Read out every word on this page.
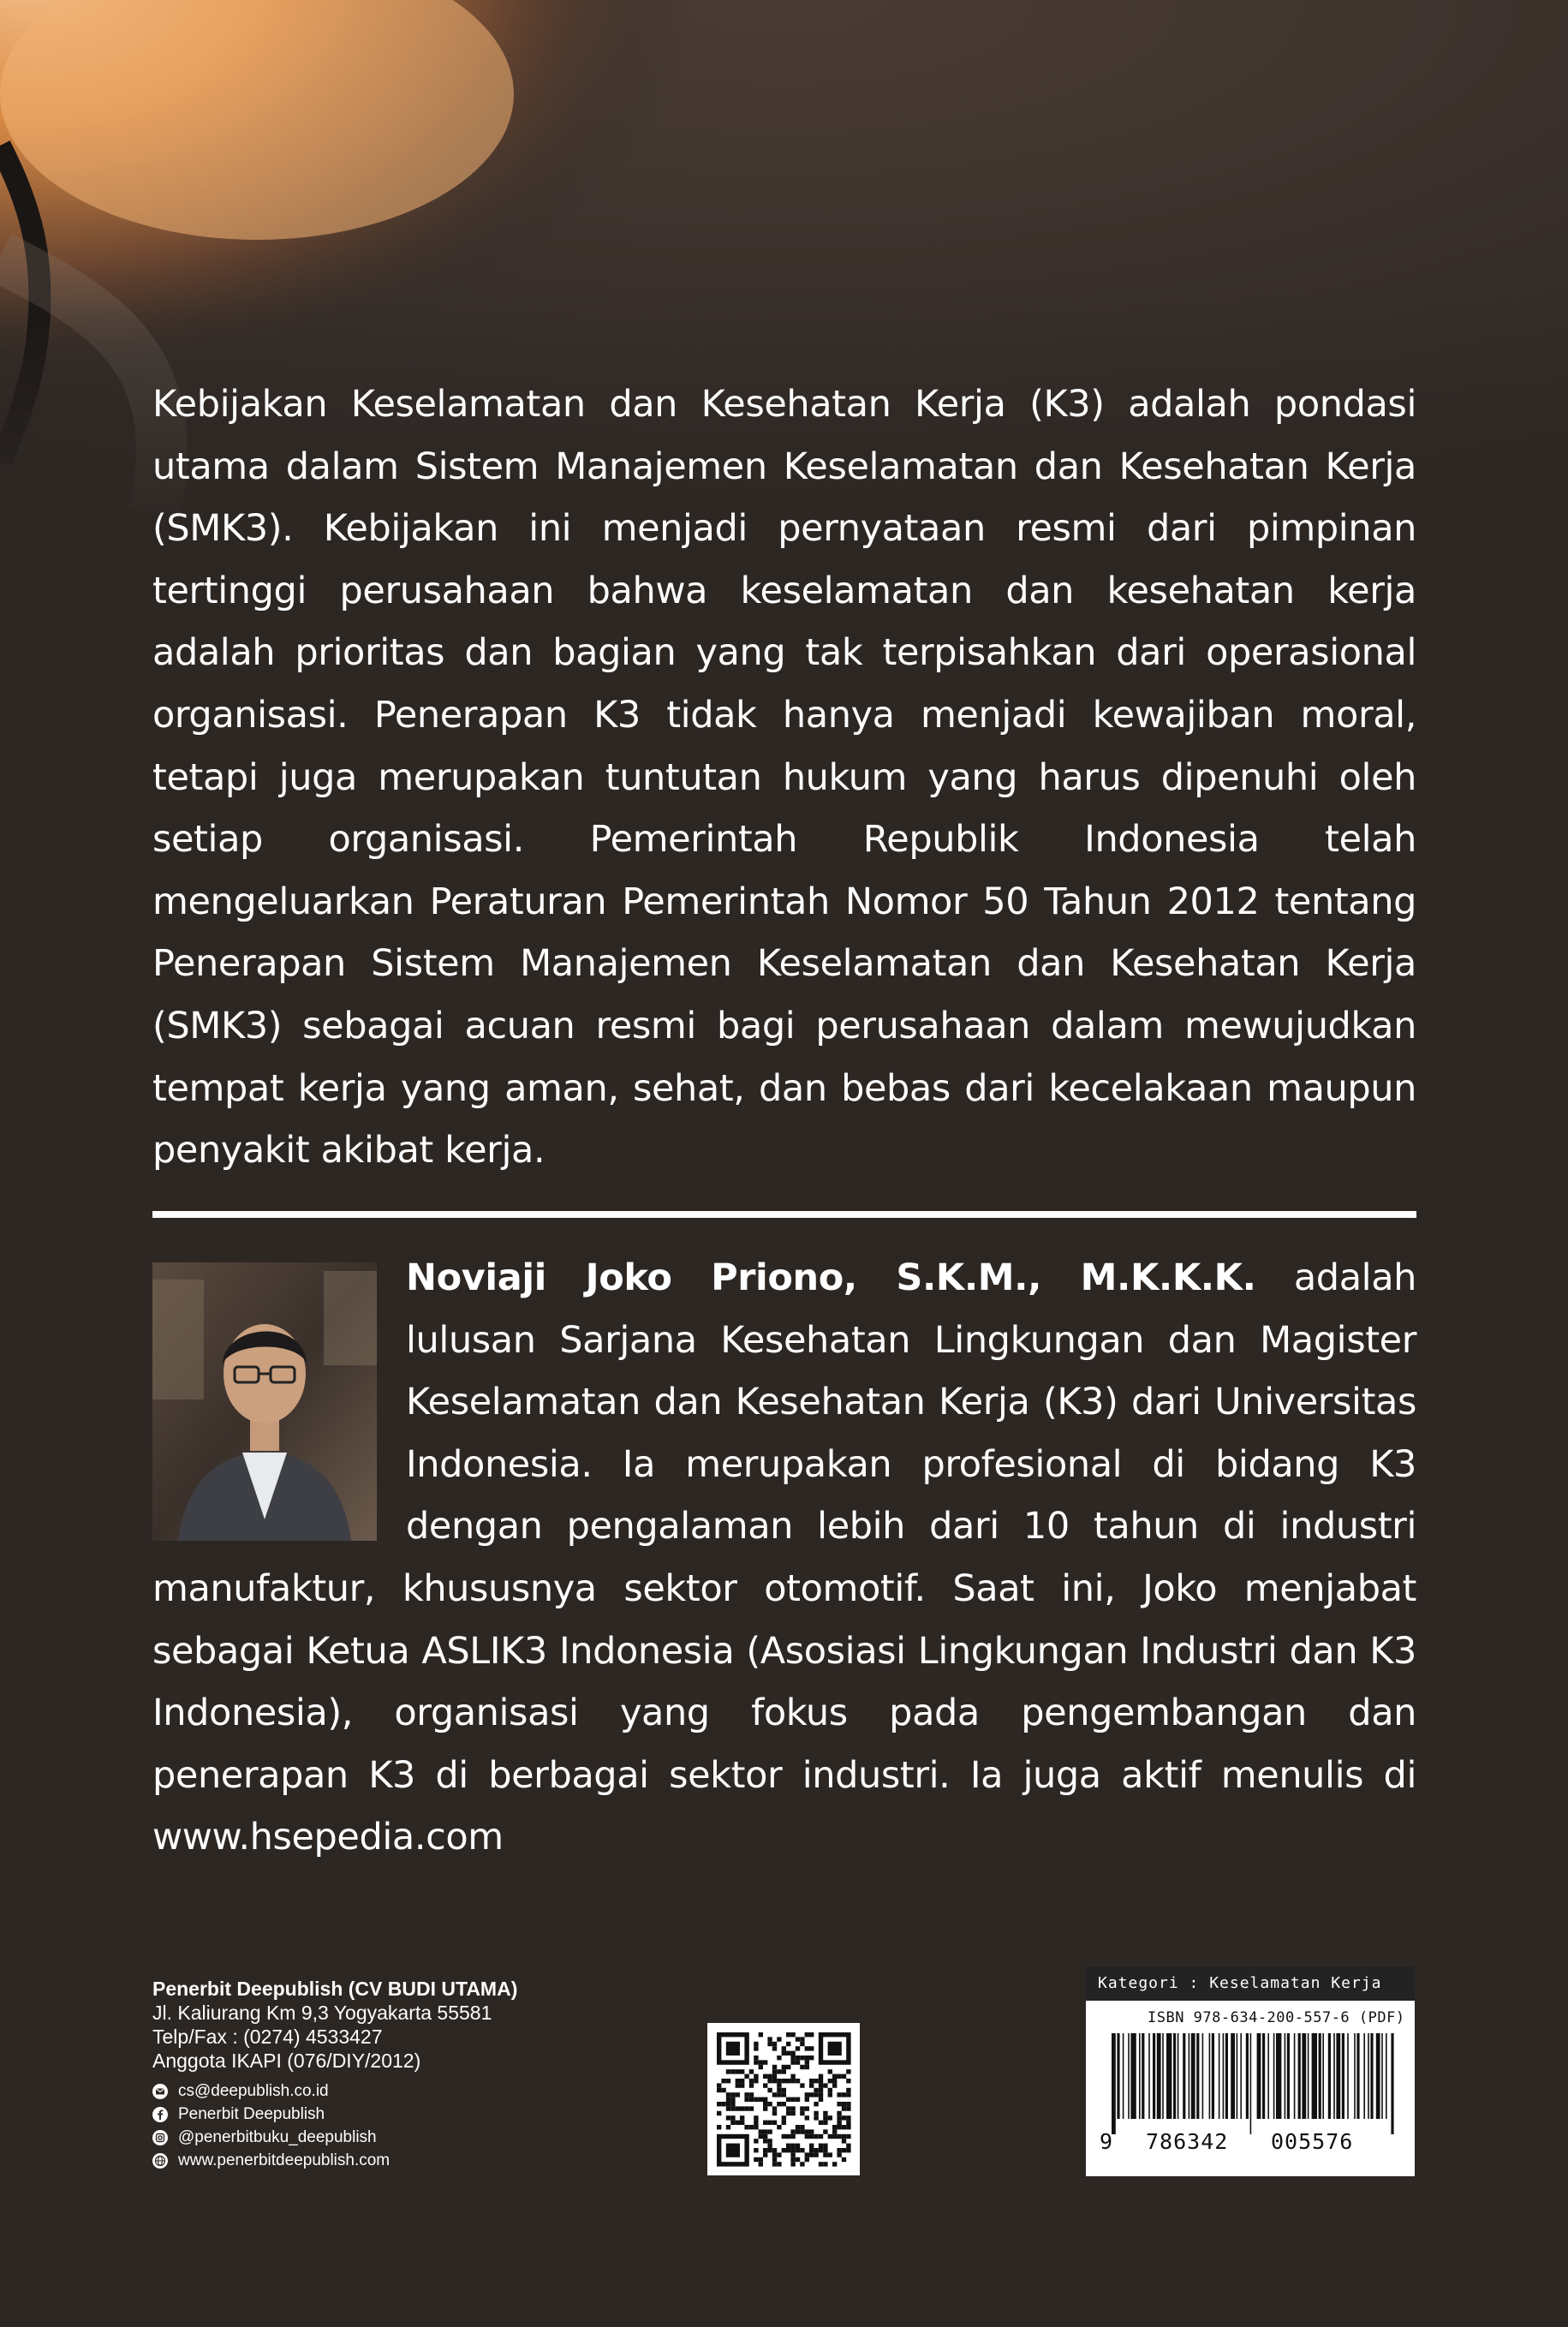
Kebijakan Keselamatan dan Kesehatan Kerja (K3) adalah pondasi utama dalam Sistem Manajemen Keselamatan dan Kesehatan Kerja (SMK3). Kebijakan ini menjadi pernyataan resmi dari pimpinan tertinggi perusahaan bahwa keselamatan dan kesehatan kerja adalah prioritas dan bagian yang tak terpisahkan dari operasional organisasi. Penerapan K3 tidak hanya menjadi kewajiban moral, tetapi juga merupakan tuntutan hukum yang harus dipenuhi oleh setiap organisasi. Pemerintah Republik Indonesia telah mengeluarkan Peraturan Pemerintah Nomor 50 Tahun 2012 tentang Penerapan Sistem Manajemen Keselamatan dan Kesehatan Kerja (SMK3) sebagai acuan resmi bagi perusahaan dalam mewujudkan tempat kerja yang aman, sehat, dan bebas dari kecelakaan maupun penyakit akibat kerja.

Noviaji Joko Priono, S.K.M., M.K.K.K. adalah lulusan Sarjana Kesehatan Lingkungan dan Magister Keselamatan dan Kesehatan Kerja (K3) dari Universitas Indonesia. Ia merupakan profesional di bidang K3 dengan pengalaman lebih dari 10 tahun di industri manufaktur, khususnya sektor otomotif. Saat ini, Joko menjabat sebagai Ketua ASLIK3 Indonesia (Asosiasi Lingkungan Industri dan K3 Indonesia), organisasi yang fokus pada pengembangan dan penerapan K3 di berbagai sektor industri. Ia juga aktif menulis di www.hsepedia.com

Penerbit Deepublish (CV BUDI UTAMA)
Jl. Kaliurang Km 9,3 Yogyakarta 55581
Telp/Fax : (0274) 4533427
Anggota IKAPI (076/DIY/2012)
cs@deepublish.co.id
Penerbit Deepublish
@penerbitbuku_deepublish
www.penerbitdeepublish.com
Kategori : Keselamatan Kerja
ISBN 978-634-200-557-6 (PDF)
9 786342 005576
